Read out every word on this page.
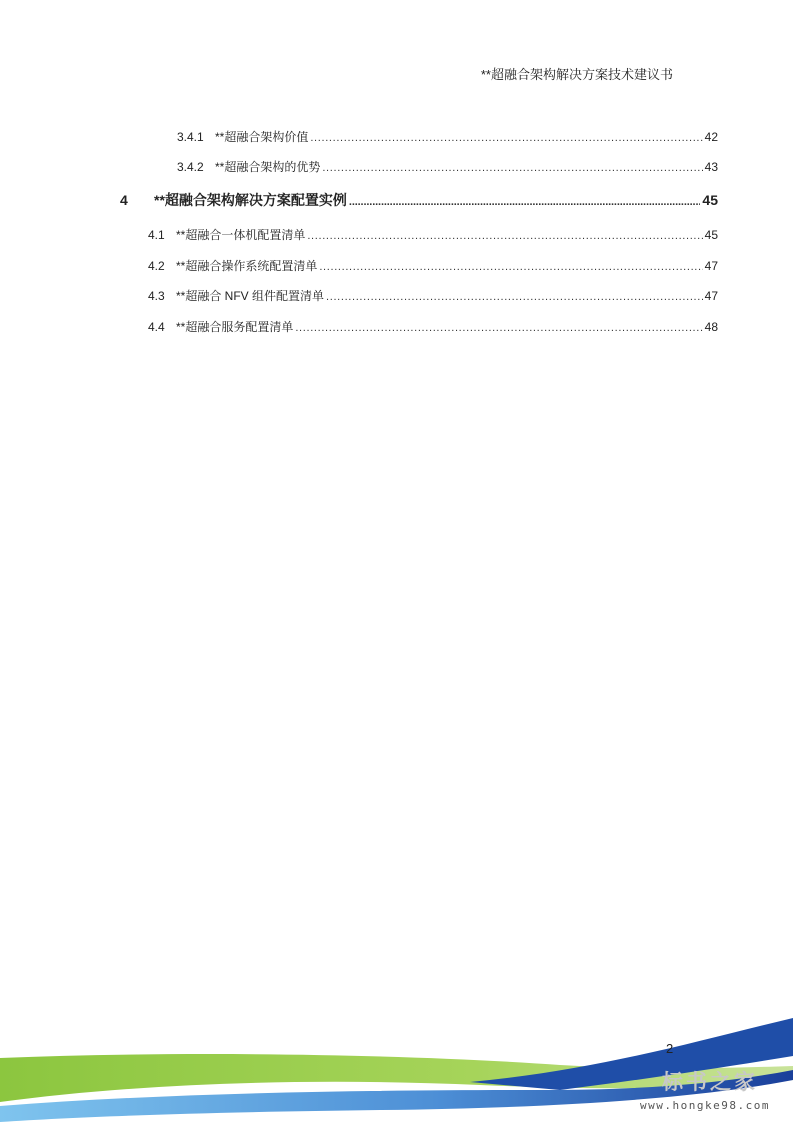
**超融合架构解决方案技术建议书
3.4.1 **超融合架构价值 . . .	42
3.4.2 **超融合架构的优势 . . .	43
4	**超融合架构解决方案配置实例 . . .	45
4.1 **超融合一体机配置清单 . . .	45
4.2 **超融合操作系统配置清单 . . .	47
4.3 **超融合 NFV 组件配置清单 . . .	47
4.4 **超融合服务配置清单 . . .	48
2
标书之家
www.hongke98.com
